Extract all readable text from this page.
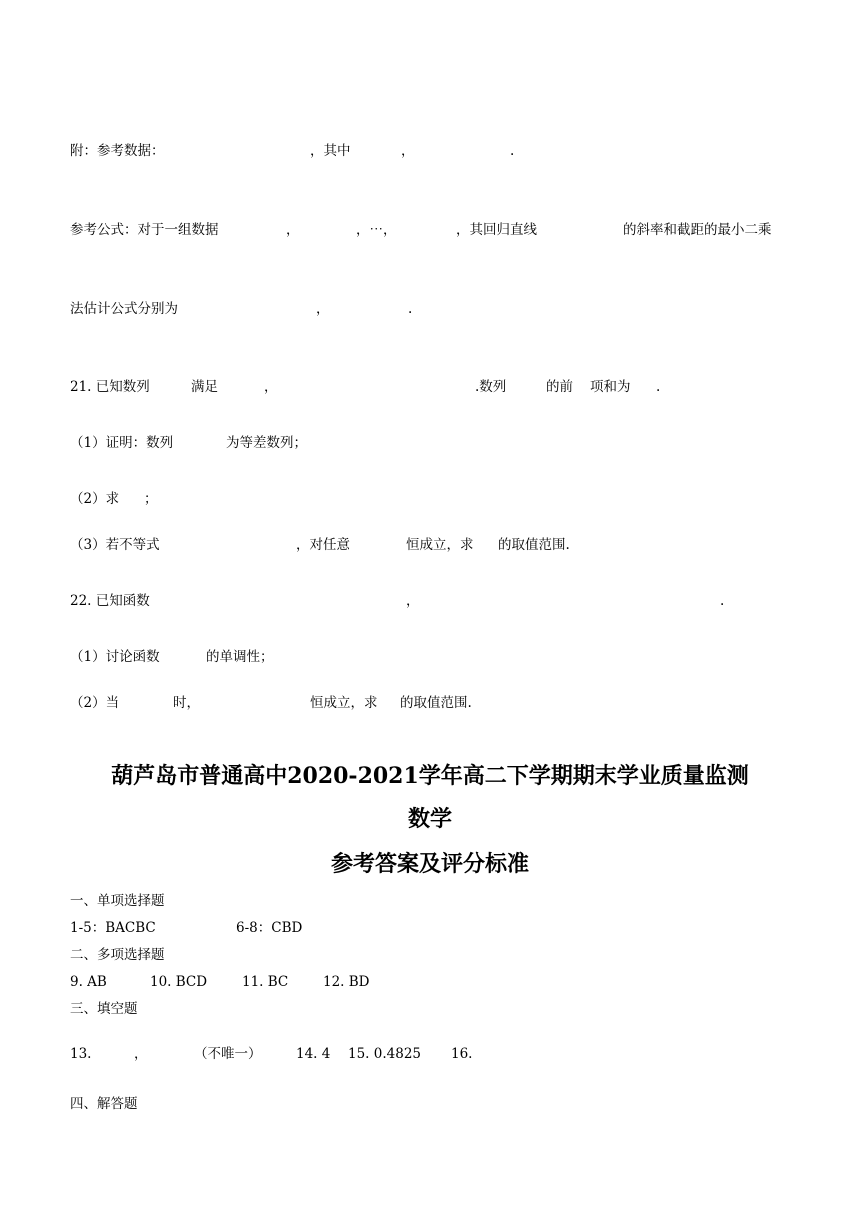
附：参考数据：	，其中	，	.
参考公式：对于一组数据	，	，⋯，	，其回归直线	的斜率和截距的最小二乘
法估计公式分别为	，	.
21. 已知数列	满足	，	.数列	的前 项和为 .
（1）证明：数列	为等差数列；
（2）求 ；
（3）若不等式	，对任意	恒成立，求 的取值范围.
22. 已知函数	，	.
（1）讨论函数	的单调性；
（2）当	时，	恒成立，求 的取值范围.
葫芦岛市普通高中2020-2021学年高二下学期期末学业质量监测
数学
参考答案及评分标准
一、单项选择题
1-5：BACBC	6-8：CBD
二、多项选择题
9. AB	10. BCD	11. BC	12. BD
三、填空题
13.	，	（不唯一）	14. 4 15. 0.4825 16.
四、解答题
